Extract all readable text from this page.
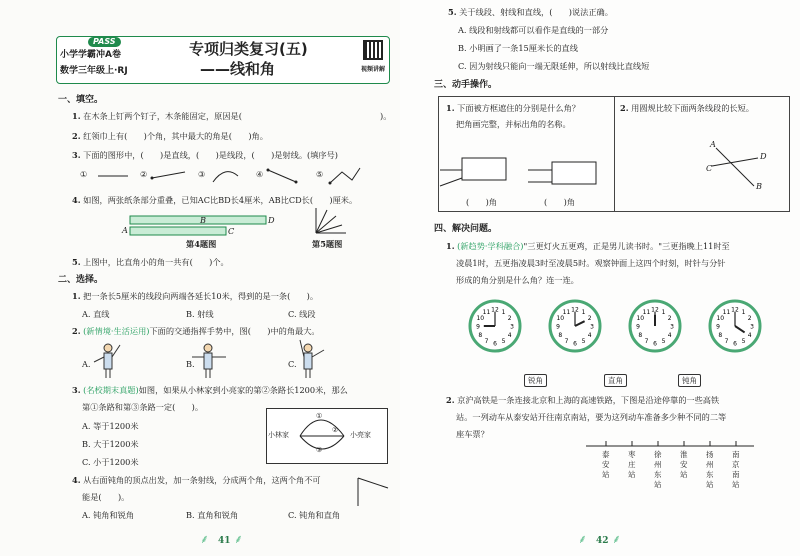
PASS
小学学霸冲A卷
数学三年级上·RJ
专项归类复习(五)
——线和角	视频讲解
一、填空。
1. 在木条上钉两个钉子，木条能固定，原因是(	)。
2. 红领巾上有(　　)个角，其中最大的角是(　　)角。
3. 下面的图形中，(　　)是直线，(　　)是线段，(　　)是射线。(填序号)
①	②	③	④	⑤
4. 如图，两张纸条部分重叠，已知AC比BD长4厘米，AB比CD长(　　)厘米。
A
B
C
D
第4题图	第5题图
5. 上图中，比直角小的角一共有(　　)个。
二、选择。
1. 把一条长5厘米的线段向两端各延长10米，得到的是一条(　　)。
A. 直线	B. 射线	C. 线段
2. (新情境·生活运用)下面的交通指挥手势中，图(　　)中的角最大。
A.	B.	C.
3. (名校期末真题)如图，如果从小林家到小亮家的第②条路长1200米，那么
第①条路和第③条路一定(　　)。
A. 等于1200米
B. 大于1200米
C. 小于1200米
小林家	小亮家
①
②
③
4. 从右面钝角的顶点出发，加一条射线，分成两个角，这两个角不可
能是(　　)。
A. 钝角和锐角	B. 直角和锐角	C. 钝角和直角
⸙ 41 ⸙
5. 关于线段、射线和直线，(　　)说法正确。
A. 线段和射线都可以看作是直线的一部分
B. 小明画了一条15厘米长的直线
C. 因为射线只能向一端无限延伸，所以射线比直线短
三、动手操作。
1. 下面被方框遮住的分别是什么角？
把角画完整，并标出角的名称。
(　　)角	(　　)角
2. 用圆规比较下面两条线段的长短。
A
D
C
B
四、解决问题。
1. (新趋势·学科融合)"三更灯火五更鸡，正是男儿读书时。"三更指晚上11时至
凌晨1时，五更指凌晨3时至凌晨5时。观察钟面上这四个时刻，时针与分针
形成的角分别是什么角？连一连。
1
2
3
4
5
6
7
8
9
10
11 12	1
2
3
4
5
6
7
8
9
10
11 12	1
2
3
4
5
6
7
8
9
10
11 12	1
2
3
4
5
6
7
8
9
10
11 12
锐角	直角	钝角
2. 京沪高铁是一条连接北京和上海的高速铁路，下图是沿途停靠的一些高铁
站。一列动车从泰安站开往南京南站，要为这列动车准备多少种不同的二等
座车票？
泰安站
枣庄站
徐州东站
淮安站
扬州东站
南京南站
⸙ 42 ⸙
